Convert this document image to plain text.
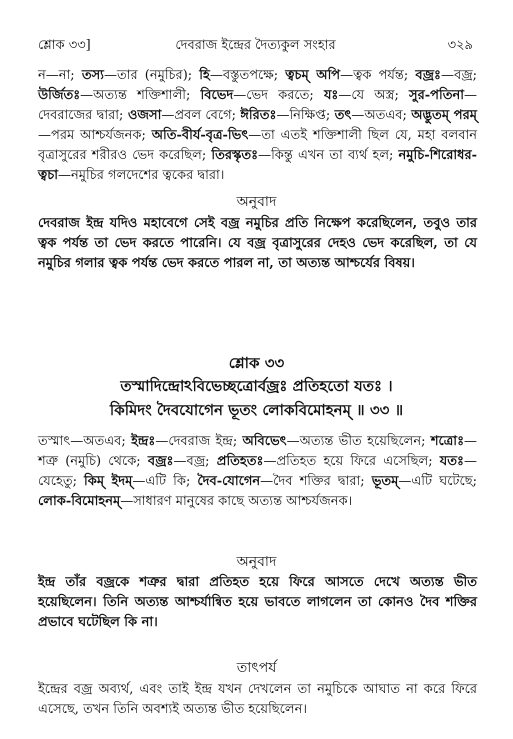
শ্লোক ৩৩]	দেবরাজ ইন্দ্রের দৈত্যকুল সংহার	৩২৯

ন—না; তস্য—তার (নমুচির); হি—বস্তুতপক্ষে; ত্বচম্‌ অপি—ত্বক পর্যন্ত; বজ্রঃ—বজ্র; উর্জিতঃ—অত্যন্ত শক্তিশালী; বিভেদ—ভেদ করতে; যঃ—যে অস্ত্র; সুর-পতিনা—দেবরাজের দ্বারা; ওজসা—প্রবল বেগে; ঈরিতঃ—নিক্ষিপ্ত; তৎ—অতএব; অদ্ভুতম্‌ পরম্‌—পরম আশ্চর্যজনক; অতি-বীর্য-বৃত্র-ভিৎ—তা এতই শক্তিশালী ছিল যে, মহা বলবান বৃত্রাসুরের শরীরও ভেদ করেছিল; তিরস্কৃতঃ—কিন্তু এখন তা ব্যর্থ হল; নমুচি-শিরোধর-ত্বচা—নমুচির গলদেশের ত্বকের দ্বারা।

অনুবাদ

দেবরাজ ইন্দ্র যদিও মহাবেগে সেই বজ্র নমুচির প্রতি নিক্ষেপ করেছিলেন, তবুও তার ত্বক পর্যন্ত তা ভেদ করতে পারেনি। যে বজ্র বৃত্রাসুরের দেহও ভেদ করেছিল, তা যে নমুচির গলার ত্বক পর্যন্ত ভেদ করতে পারল না, তা অত্যন্ত আশ্চর্যের বিষয়।

শ্লোক ৩৩
তস্মাদিন্দ্রোঽবিভেচ্ছত্রোর্বজ্রঃ প্রতিহতো যতঃ ।
কিমিদং দৈবযোগেন ভূতং লোকবিমোহনম্‌ ॥ ৩৩ ॥

তস্মাৎ—অতএব; ইন্দ্রঃ—দেবরাজ ইন্দ্র; অবিভেৎ—অত্যন্ত ভীত হয়েছিলেন; শত্রোঃ—শত্রু (নমুচি) থেকে; বজ্রঃ—বজ্র; প্রতিহতঃ—প্রতিহত হয়ে ফিরে এসেছিল; যতঃ—যেহেতু; কিম্‌ ইদম্‌—এটি কি; দৈব-যোগেন—দৈব শক্তির দ্বারা; ভূতম্‌—এটি ঘটেছে; লোক-বিমোহনম্‌—সাধারণ মানুষের কাছে অত্যন্ত আশ্চর্যজনক।

অনুবাদ

ইন্দ্র তাঁর বজ্রকে শত্রুর দ্বারা প্রতিহত হয়ে ফিরে আসতে দেখে অত্যন্ত ভীত হয়েছিলেন। তিনি অত্যন্ত আশ্চর্যান্বিত হয়ে ভাবতে লাগলেন তা কোনও দৈব শক্তির প্রভাবে ঘটেছিল কি না।

তাৎপর্য

ইন্দ্রের বজ্র অব্যর্থ, এবং তাই ইন্দ্র যখন দেখলেন তা নমুচিকে আঘাত না করে ফিরে এসেছে, তখন তিনি অবশ্যই অত্যন্ত ভীত হয়েছিলেন।
